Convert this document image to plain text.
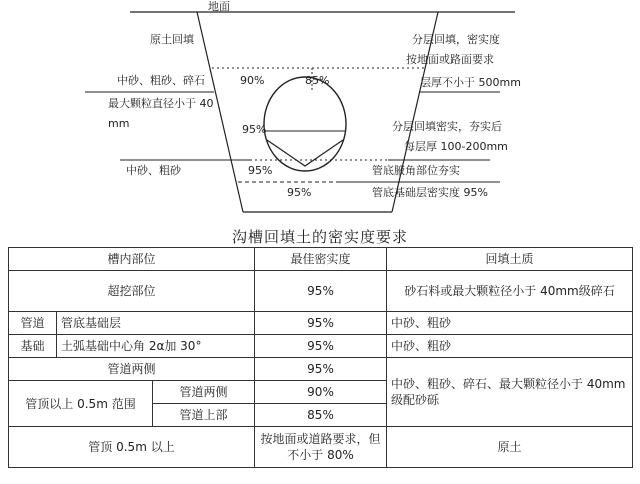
地面
原土回填	分层回填，密实度
按地面或路面要求
中砂、粗砂、碎石
最大颗粒直径小于 40
mm
90%	85%	层厚不小于 500mm
95%	分层回填密实，夯实后
每层厚 100-200mm
中砂、粗砂	95%	管底腋角部位夯实
95%	管底基础层密实度 95%
沟槽回填土的密实度要求
槽内部位			最佳密实度	回填土质
超挖部位			95%	砂石料或最大颗粒径小于 40mm级碎石
管道	管底基础层		95%	中砂、粗砂
基础	土弧基础中心角 2α加 30°		95%	中砂、粗砂
管道两侧			95%	中砂、粗砂、碎石、最大颗粒径小于 40mm级配砂砾
管顶以上 0.5m 范围		管道两侧	90%	
		管道上部	85%	
管顶 0.5m 以上			按地面或道路要求，但不小于 80%	原土
